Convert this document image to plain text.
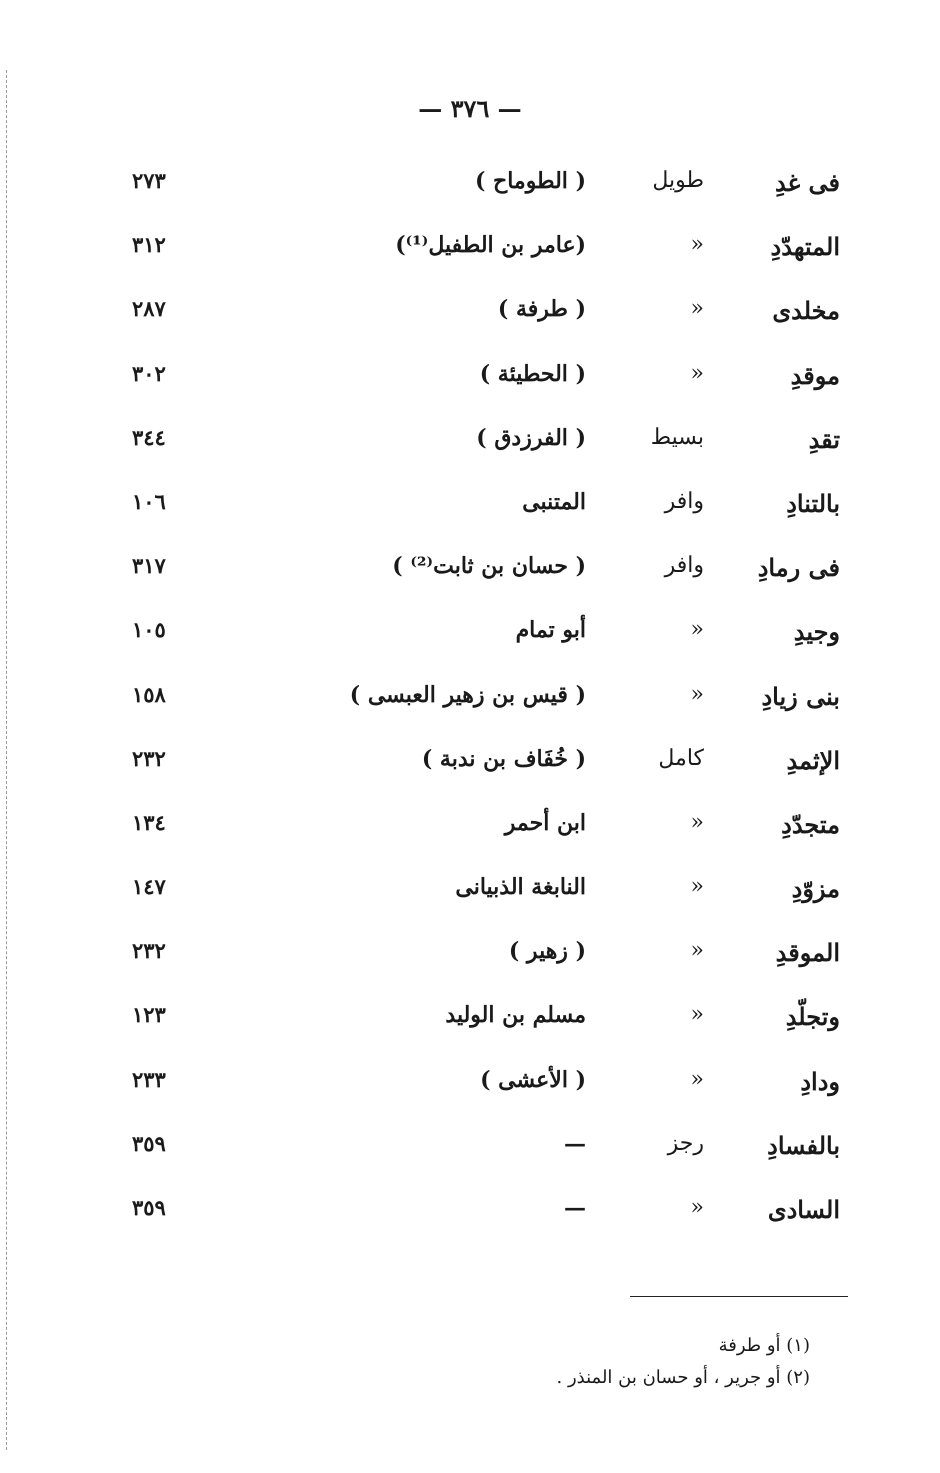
— ٣٧٦ —
فى غدِ
طويل
( الطوماح )
٢٧٣
المتهدّدِ
«
(عامر بن الطفيل⁽¹⁾)
٣١٢
مخلدى
«
( طرفة )
٢٨٧
موقدِ
«
( الحطيئة )
٣٠٢
تقدِ
بسيط
( الفرزدق )
٣٤٤
بالتنادِ
وافر
المتنبى
١٠٦
فى رمادِ
وافر
( حسان بن ثابت⁽²⁾ )
٣١٧
وجيدِ
«
أبو تمام
١٠٥
بنى زيادِ
«
( قيس بن زهير العبسى )
١٥٨
الإثمدِ
كامل
( خُفَاف بن ندبة )
٢٣٢
متجدّدِ
«
ابن أحمر
١٣٤
مزوّدِ
«
النابغة الذبيانى
١٤٧
الموقدِ
«
( زهير )
٢٣٢
وتجلّدِ
«
مسلم بن الوليد
١٢٣
ودادِ
«
( الأعشى )
٢٣٣
بالفسادِ
رجز
—
٣٥٩
السادى
«
—
٣٥٩
(١) أو طرفة
(٢) أو جرير ، أو حسان بن المنذر .
